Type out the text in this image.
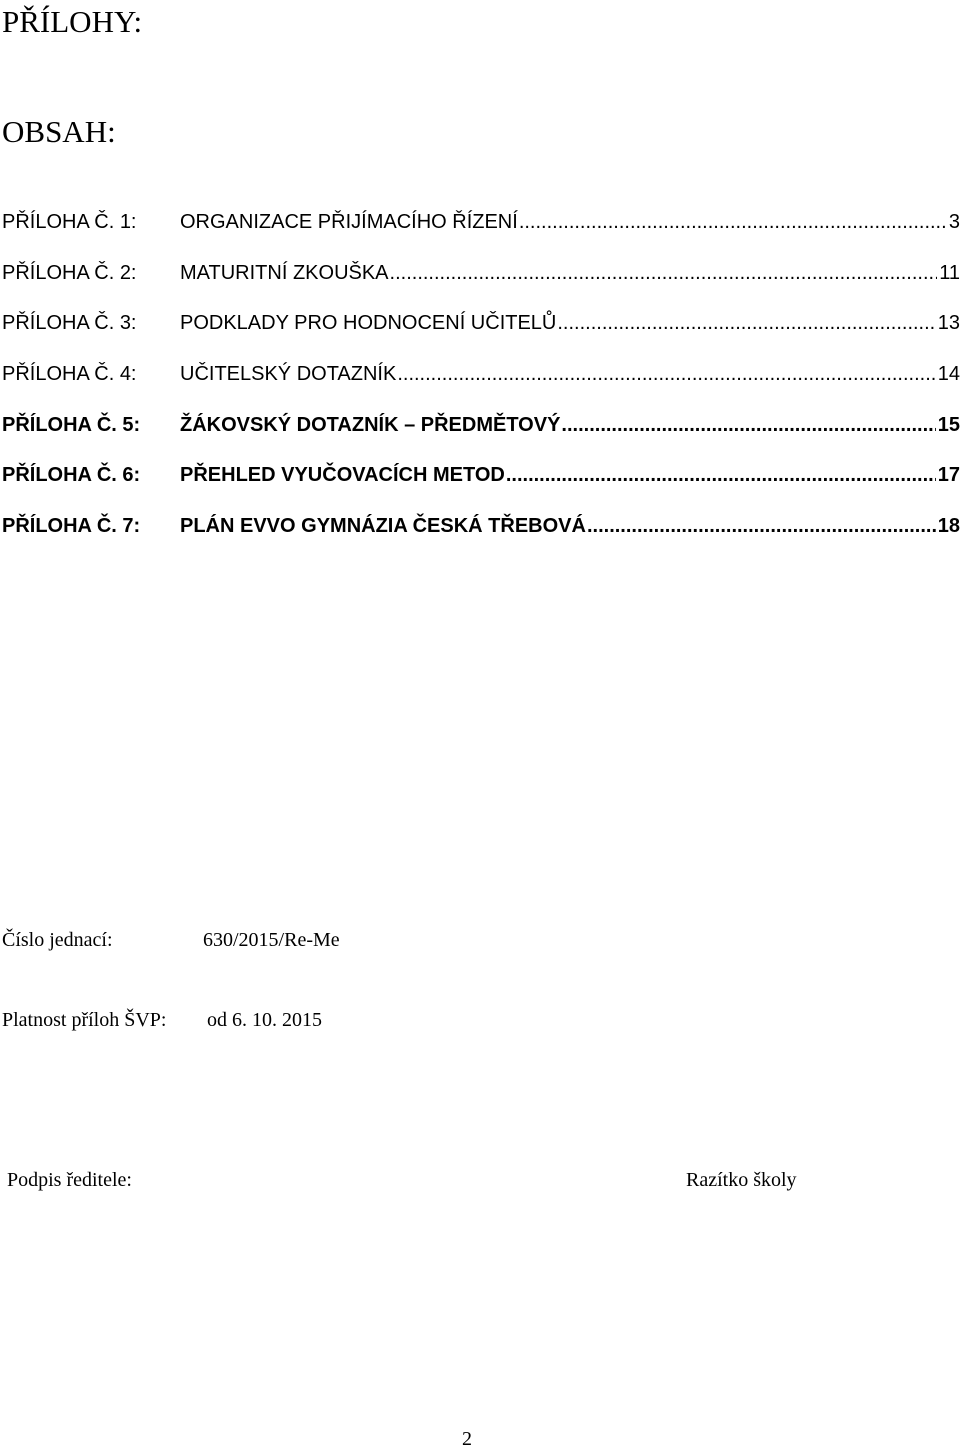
PŘÍLOHY:
OBSAH:
PŘÍLOHA Č. 1:	ORGANIZACE PŘIJÍMACÍHO ŘÍZENÍ .....	3
PŘÍLOHA Č. 2:	MATURITNÍ ZKOUŠKA .....	11
PŘÍLOHA Č. 3:	PODKLADY PRO HODNOCENÍ UČITELŮ .....	13
PŘÍLOHA Č. 4:	UČITELSKÝ DOTAZNÍK .....	14
PŘÍLOHA Č. 5:	ŽÁKOVSKÝ DOTAZNÍK – PŘEDMĚTOVÝ .....	15
PŘÍLOHA Č. 6:	PŘEHLED VYUČOVACÍCH METOD .....	17
PŘÍLOHA Č. 7:	PLÁN EVVO GYMNÁZIA ČESKÁ TŘEBOVÁ .....	18
Číslo jednací:	630/2015/Re-Me
Platnost příloh ŠVP: od 6. 10. 2015
Podpis ředitele:	Razítko školy
2
